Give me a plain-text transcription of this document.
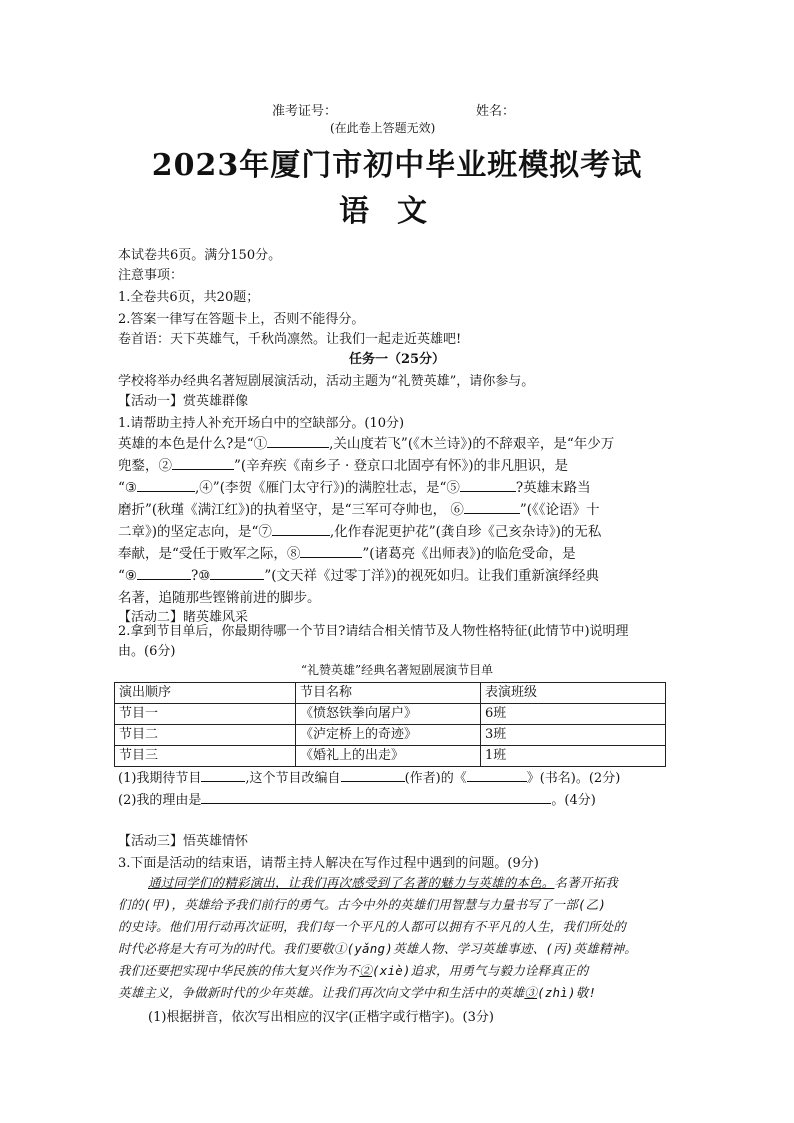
准考证号：	姓名：
(在此卷上答题无效)
2023年厦门市初中毕业班模拟考试
语文
本试卷共6页。满分150分。
注意事项：
1.全卷共6页，共20题；
2.答案一律写在答题卡上，否则不能得分。
卷首语：天下英雄气，千秋尚凛然。让我们一起走近英雄吧!
任务一（25分）
学校将举办经典名著短剧展演活动，活动主题为“礼赞英雄”，请你参与。
【活动一】赏英雄群像
1.请帮助主持人补充开场白中的空缺部分。(10分)
英雄的本色是什么?是“①	,关山度若飞”(《木兰诗》)的不辞艰辛，是“年少万
兜鍪，②	”(辛弃疾《南乡子 · 登京口北固亭有怀》)的非凡胆识，是
“③	,④”(李贺《雁门太守行》)的满腔壮志，是“⑤	?英雄末路当
磨折”(秋瑾《满江红》)的执着坚守，是“三军可夺帅也， ⑥	”(《《论语》十
二章》)的坚定志向，是“⑦	,化作春泥更护花”(龚自珍《己亥杂诗》)的无私
奉献，是“受任于败军之际，⑧	”(诸葛亮《出师表》)的临危受命，是
“⑨	?⑩	”(文天祥《过零丁洋》)的视死如归。让我们重新演绎经典
名著，追随那些铿锵前进的脚步。
【活动二】睹英雄风采
2.拿到节目单后，你最期待哪一个节目?请结合相关情节及人物性格特征(此情节中)说明理
由。(6分)
“礼赞英雄”经典名著短剧展演节目单
演出顺序	节目名称	表演班级
节目一	《愤怒铁拳向屠户》	6班
节目二	《泸定桥上的奇迹》	3班
节目三	《婚礼上的出走》	1班
(1)我期待节目	,这个节目改编自	(作者)的《	》(书名)。(2分)
(2)我的理由是	。(4分)
【活动三】悟英雄情怀
3.下面是活动的结束语，请帮主持人解决在写作过程中遇到的问题。(9分)
通过同学们的精彩演出，让我们再次感受到了名著的魅力与英雄的本色。名著开拓我
们的(甲)，英雄给予我们前行的勇气。古今中外的英雄们用智慧与力量书写了一部(乙)
的史诗。他们用行动再次证明，我们每一个平凡的人都可以拥有不平凡的人生，我们所处的
时代必将是大有可为的时代。我们要敬①(yǎng)英雄人物、学习英雄事迹、(丙)英雄精神。
我们还要把实现中华民族的伟大复兴作为不②(xiè)追求，用勇气与毅力诠释真正的
英雄主义，争做新时代的少年英雄。让我们再次向文学中和生活中的英雄③(zhì)敬!
(1)根据拼音，依次写出相应的汉字(正楷字或行楷字)。(3分)
